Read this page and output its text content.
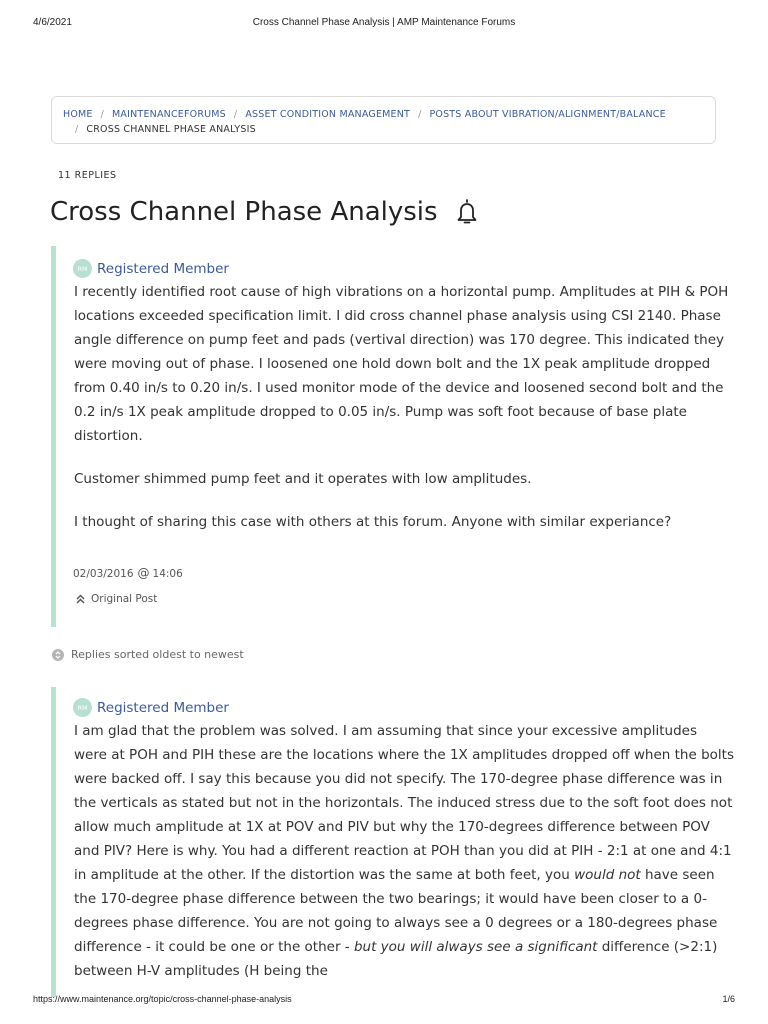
4/6/2021	Cross Channel Phase Analysis | AMP Maintenance Forums
HOME / MAINTENANCEFORUMS / ASSET CONDITION MANAGEMENT / POSTS ABOUT VIBRATION/ALIGNMENT/BALANCE
/ CROSS CHANNEL PHASE ANALYSIS
11 REPLIES
Cross Channel Phase Analysis
RM Registered Member

I recently identified root cause of high vibrations on a horizontal pump. Amplitudes at PIH & POH locations exceeded specification limit. I did cross channel phase analysis using CSI 2140. Phase angle difference on pump feet and pads (vertival direction) was 170 degree. This indicated they were moving out of phase. I loosened one hold down bolt and the 1X peak amplitude dropped from 0.40 in/s to 0.20 in/s. I used monitor mode of the device and loosened second bolt and the 0.2 in/s 1X peak amplitude dropped to 0.05 in/s. Pump was soft foot because of base plate distortion.

Customer shimmed pump feet and it operates with low amplitudes.

I thought of sharing this case with others at this forum. Anyone with similar experiance?

02/03/2016 @ 14:06
Original Post
Replies sorted oldest to newest
RM Registered Member
I am glad that the problem was solved. I am assuming that since your excessive amplitudes were at POH and PIH these are the locations where the 1X amplitudes dropped off when the bolts were backed off. I say this because you did not specify. The 170-degree phase difference was in the verticals as stated but not in the horizontals. The induced stress due to the soft foot does not allow much amplitude at 1X at POV and PIV but why the 170-degrees difference between POV and PIV? Here is why. You had a different reaction at POH than you did at PIH - 2:1 at one and 4:1 in amplitude at the other. If the distortion was the same at both feet, you would not have seen the 170-degree phase difference between the two bearings; it would have been closer to a 0-degrees phase difference. You are not going to always see a 0 degrees or a 180-degrees phase difference - it could be one or the other - but you will always see a significant difference (>2:1) between H-V amplitudes (H being the
https://www.maintenance.org/topic/cross-channel-phase-analysis	1/6
